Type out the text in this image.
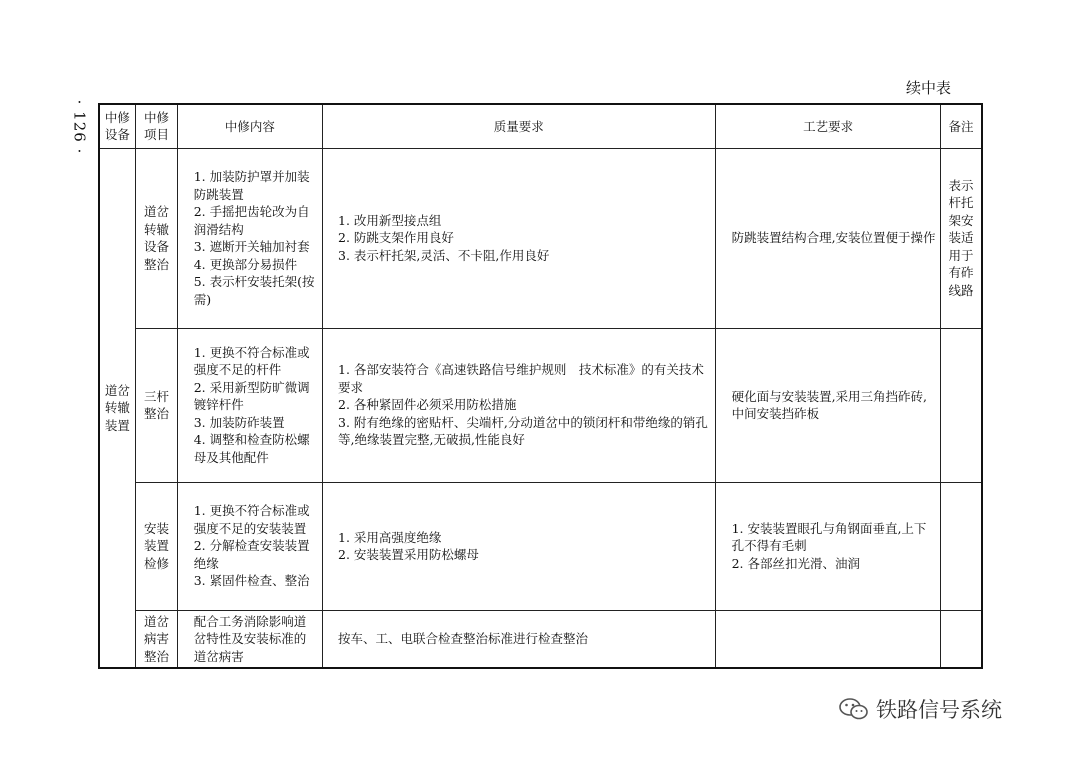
· 126 ·
续中表
中修设备	中修项目	中修内容	质量要求	工艺要求	备注
道岔转辙装置	道岔转辙设备整治	1. 加装防护罩并加装防跳装置
2. 手摇把齿轮改为自润滑结构
3. 遮断开关轴加衬套
4. 更换部分易损件
5. 表示杆安装托架(按需)	1. 改用新型接点组
2. 防跳支架作用良好
3. 表示杆托架,灵活、不卡阻,作用良好	防跳装置结构合理,安装位置便于操作	表示杆托架安装适用于有砟线路
	三杆整治	1. 更换不符合标准或强度不足的杆件
2. 采用新型防旷微调镀锌杆件
3. 加装防砟装置
4. 调整和检查防松螺母及其他配件	1. 各部安装符合《高速铁路信号维护规则　技术标准》的有关技术要求
2. 各种紧固件必须采用防松措施
3. 附有绝缘的密贴杆、尖端杆,分动道岔中的锁闭杆和带绝缘的销孔等,绝缘装置完整,无破损,性能良好	硬化面与安装装置,采用三角挡砟砖,中间安装挡砟板	

	安装装置检修	1. 更换不符合标准或强度不足的安装装置
2. 分解检查安装装置绝缘
3. 紧固件检查、整治	1. 采用高强度绝缘
2. 安装装置采用防松螺母	1. 安装装置眼孔与角钢面垂直,上下孔不得有毛刺
2. 各部丝扣光滑、油润	

	道岔病害整治	配合工务消除影响道岔特性及安装标准的道岔病害	按车、工、电联合检查整治标准进行检查整治		

铁路信号系统
